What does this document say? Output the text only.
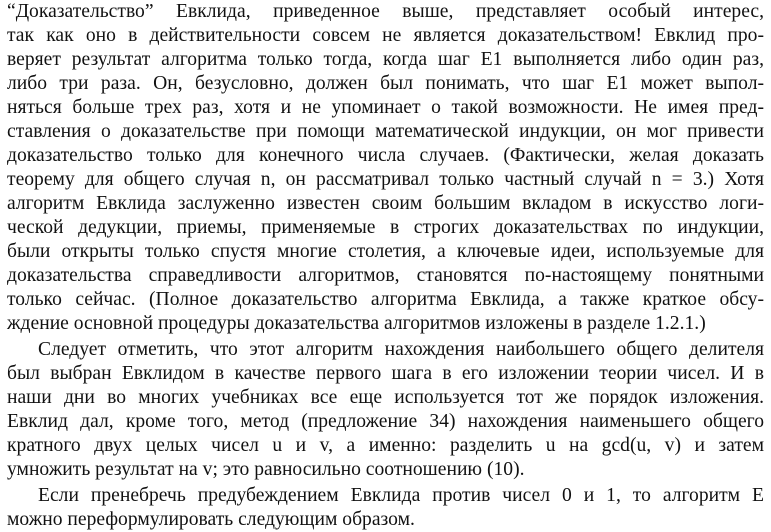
“Доказательство” Евклида, приведенное выше, представляет особый интерес,
так как оно в действительности совсем не является доказательством! Евклид про-
веряет результат алгоритма только тогда, когда шаг E1 выполняется либо один раз,
либо три раза. Он, безусловно, должен был понимать, что шаг E1 может выпол-
няться больше трех раз, хотя и не упоминает о такой возможности. Не имея пред-
ставления о доказательстве при помощи математической индукции, он мог привести
доказательство только для конечного числа случаев. (Фактически, желая доказать
теорему для общего случая n, он рассматривал только частный случай n = 3.) Хотя
алгоритм Евклида заслуженно известен своим большим вкладом в искусство логи-
ческой дедукции, приемы, применяемые в строгих доказательствах по индукции,
были открыты только спустя многие столетия, а ключевые идеи, используемые для
доказательства справедливости алгоритмов, становятся по-настоящему понятными
только сейчас. (Полное доказательство алгоритма Евклида, а также краткое обсу-
ждение основной процедуры доказательства алгоритмов изложены в разделе 1.2.1.)
Следует отметить, что этот алгоритм нахождения наибольшего общего делителя
был выбран Евклидом в качестве первого шага в его изложении теории чисел. И в
наши дни во многих учебниках все еще используется тот же порядок изложения.
Евклид дал, кроме того, метод (предложение 34) нахождения наименьшего общего
кратного двух целых чисел u и v, а именно: разделить u на gcd(u, v) и затем
умножить результат на v; это равносильно соотношению (10).
Если пренебречь предубеждением Евклида против чисел 0 и 1, то алгоритм E
можно переформулировать следующим образом.
